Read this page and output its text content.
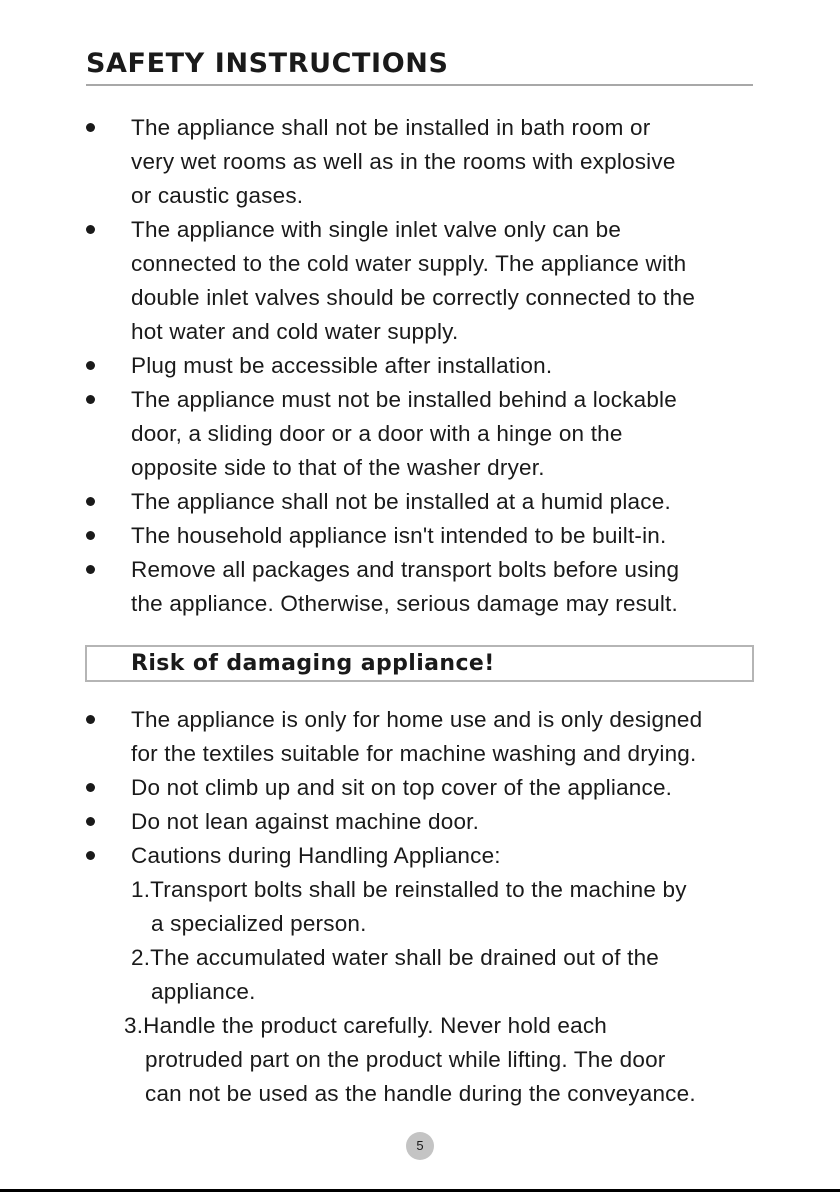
SAFETY INSTRUCTIONS
The appliance shall not be installed in bath room or
very wet rooms as well as in the rooms with explosive
or caustic gases.
The appliance with single inlet valve only can be
connected to the cold water supply. The appliance with
double inlet valves should be correctly connected to the
hot water and cold water supply.
Plug must be accessible after installation.
The appliance must not be installed behind a lockable
door, a sliding door or a door with a hinge on the
opposite side to that of the washer dryer.
The appliance shall not be installed at a humid place.
The household appliance isn't intended to be built-in.
Remove all packages and transport bolts before using
the appliance. Otherwise, serious damage may result.
Risk of damaging appliance!
The appliance is only for home use and is only designed
for the textiles suitable for machine washing and drying.
Do not climb up and sit on top cover of the appliance.
Do not lean against machine door.
Cautions during Handling Appliance:
1.Transport bolts shall be reinstalled to the machine by
a specialized person.
2.The accumulated water shall be drained out of the
appliance.
3.Handle the product carefully. Never hold each
protruded part on the product while lifting. The door
can not be used as the handle during the conveyance.
5
